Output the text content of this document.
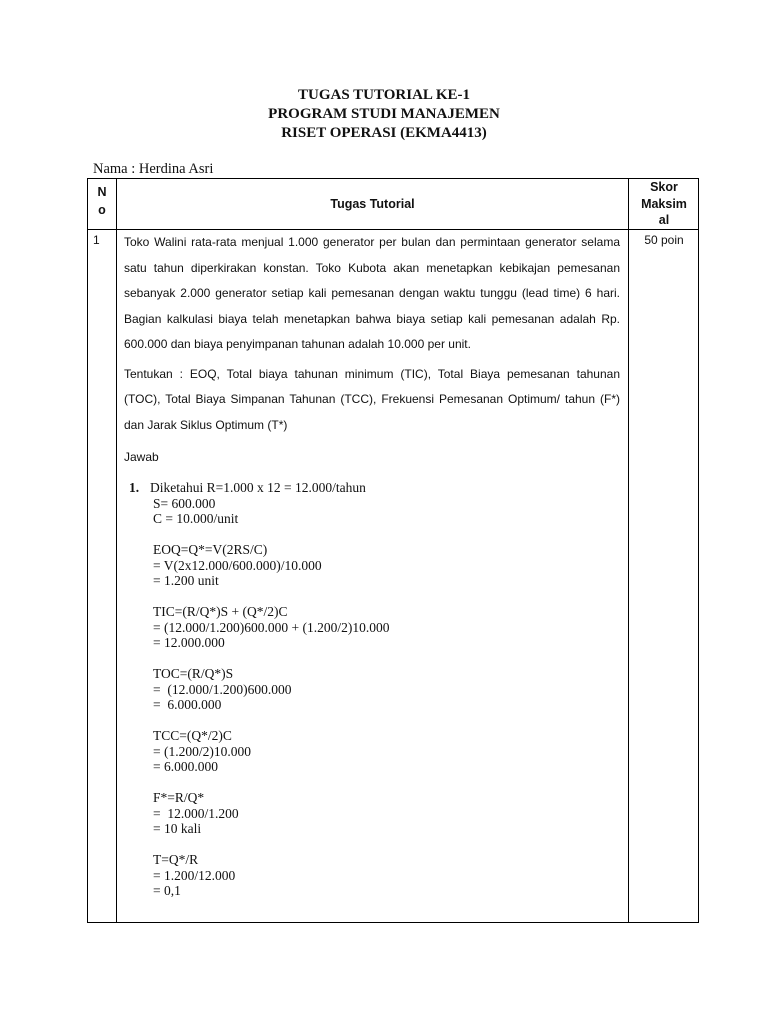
TUGAS TUTORIAL KE-1
PROGRAM STUDI MANAJEMEN
RISET OPERASI (EKMA4413)
Nama : Herdina Asri
N
o	Tugas Tutorial
Skor
Maksim
al
1	50 poin

Toko Walini rata-rata menjual 1.000 generator per bulan dan permintaan generator selama satu tahun diperkirakan konstan. Toko Kubota akan menetapkan kebikajan pemesanan sebanyak 2.000 generator setiap kali pemesanan dengan waktu tunggu (lead time) 6 hari. Bagian kalkulasi biaya telah menetapkan bahwa biaya setiap kali pemesanan adalah Rp. 600.000 dan biaya penyimpanan tahunan adalah 10.000 per unit.

Tentukan : EOQ, Total biaya tahunan minimum (TIC), Total Biaya pemesanan tahunan (TOC), Total Biaya Simpanan Tahunan (TCC), Frekuensi Pemesanan Optimum/ tahun (F*) dan Jarak Siklus Optimum (T*)

Jawab
1. Diketahui R=1.000 x 12 = 12.000/tahun
S= 600.000
C = 10.000/unit
EOQ=Q*=V(2RS/C)
= V(2x12.000/600.000)/10.000
= 1.200 unit
TIC=(R/Q*)S + (Q*/2)C
= (12.000/1.200)600.000 + (1.200/2)10.000
= 12.000.000
TOC=(R/Q*)S
=  (12.000/1.200)600.000
=  6.000.000
TCC=(Q*/2)C
= (1.200/2)10.000
= 6.000.000
F*=R/Q*
=  12.000/1.200
= 10 kali
T=Q*/R
= 1.200/12.000
= 0,1
